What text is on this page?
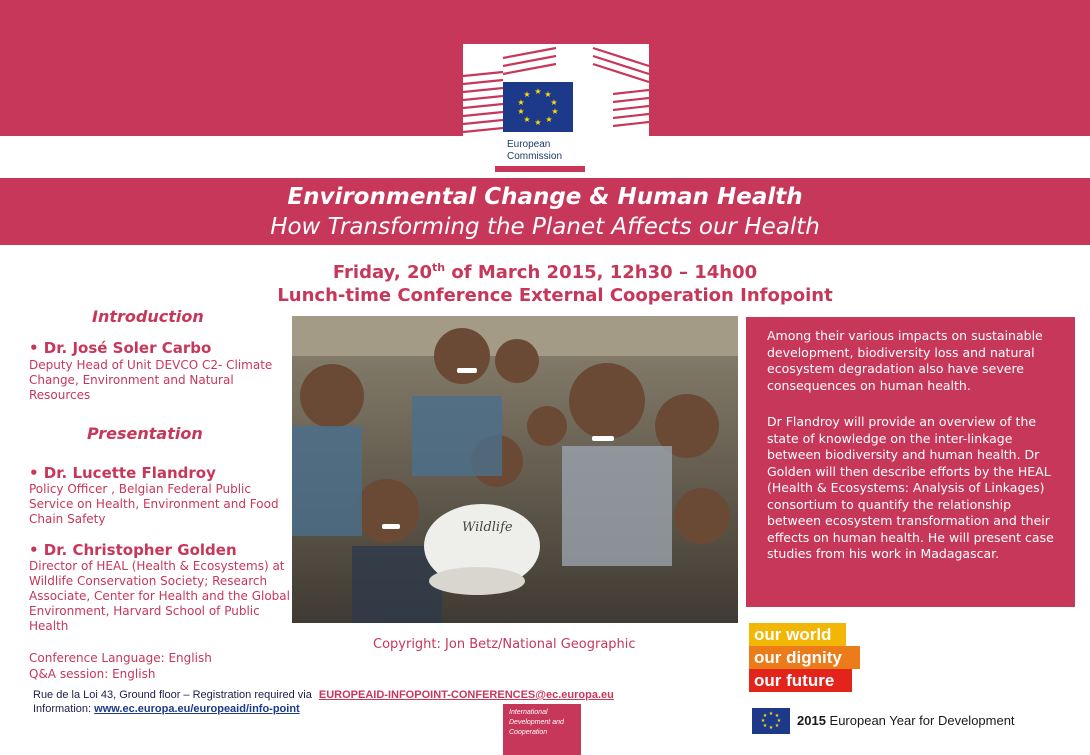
★ ★
★
★
★
★
★
★
★
★
European
Commission
Environmental Change & Human Health
How Transforming the Planet Affects our Health
Friday, 20th of March 2015, 12h30 – 14h00
Lunch-time Conference External Cooperation Infopoint
Introduction
• Dr. José Soler Carbo
Deputy Head of Unit DEVCO C2- Climate Change, Environment and Natural Resources
Presentation
• Dr. Lucette Flandroy
Policy Officer , Belgian Federal Public Service on Health, Environment and Food Chain Safety
• Dr. Christopher Golden
Director of HEAL (Health & Ecosystems) at Wildlife Conservation Society; Research Associate, Center for Health and the Global Environment, Harvard School of Public Health
Conference Language: English
Q&A session: English
Wildlife
Among their various impacts on sustainable development, biodiversity loss and natural ecosystem degradation also have severe consequences on human health.
Dr Flandroy will provide an overview of the state of knowledge on the inter-linkage between biodiversity and human health. Dr Golden will then describe efforts by the HEAL (Health & Ecosystems: Analysis of Linkages) consortium to quantify the relationship between ecosystem transformation and their effects on human health. He will present case studies from his work in Madagascar.
Copyright: Jon Betz/National Geographic
Rue de la Loi 43, Ground floor – Registration required via EUROPEAID-INFOPOINT-CONFERENCES@ec.europa.eu
Information: www.ec.europa.eu/europeaid/info-point	International Development and Cooperation
our world
our dignity
our future
★ ★
★
★
★
★
★
★ 2015 European Year for Development
